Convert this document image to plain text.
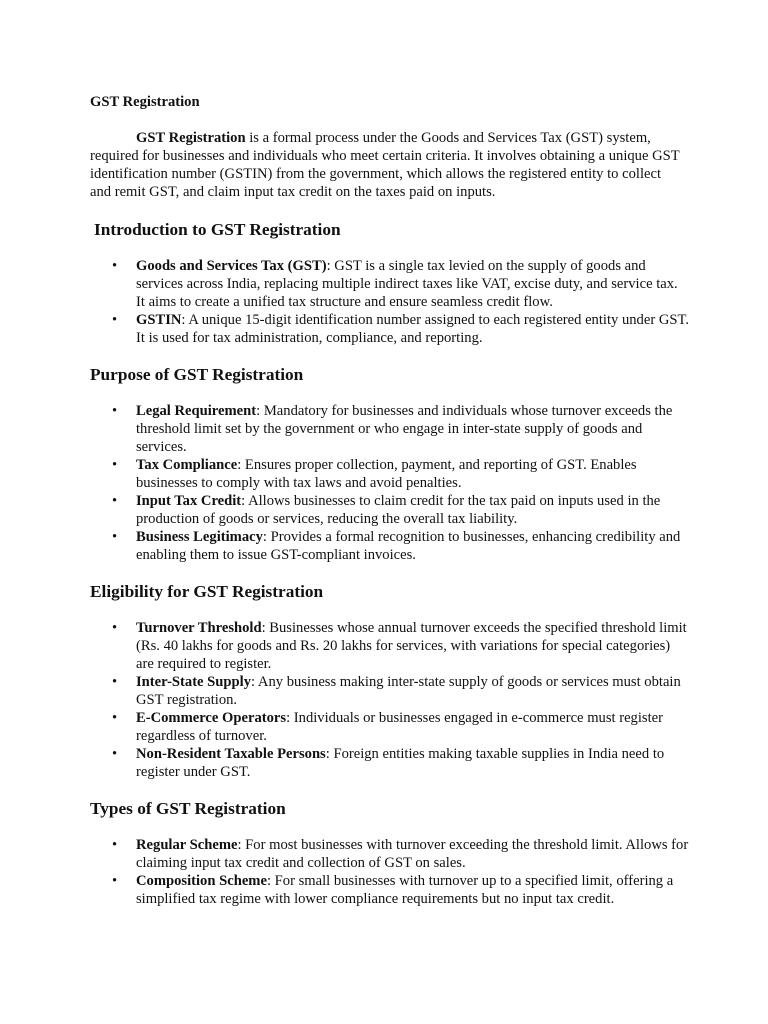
GST Registration

GST Registration is a formal process under the Goods and Services Tax (GST) system, required for businesses and individuals who meet certain criteria. It involves obtaining a unique GST identification number (GSTIN) from the government, which allows the registered entity to collect and remit GST, and claim input tax credit on the taxes paid on inputs.

Introduction to GST Registration
• Goods and Services Tax (GST): GST is a single tax levied on the supply of goods and services across India, replacing multiple indirect taxes like VAT, excise duty, and service tax. It aims to create a unified tax structure and ensure seamless credit flow.
• GSTIN: A unique 15-digit identification number assigned to each registered entity under GST. It is used for tax administration, compliance, and reporting.
Purpose of GST Registration
• Legal Requirement: Mandatory for businesses and individuals whose turnover exceeds the threshold limit set by the government or who engage in inter-state supply of goods and services.
• Tax Compliance: Ensures proper collection, payment, and reporting of GST. Enables businesses to comply with tax laws and avoid penalties.
• Input Tax Credit: Allows businesses to claim credit for the tax paid on inputs used in the production of goods or services, reducing the overall tax liability.
• Business Legitimacy: Provides a formal recognition to businesses, enhancing credibility and enabling them to issue GST-compliant invoices.
Eligibility for GST Registration
• Turnover Threshold: Businesses whose annual turnover exceeds the specified threshold limit (Rs. 40 lakhs for goods and Rs. 20 lakhs for services, with variations for special categories) are required to register.
• Inter-State Supply: Any business making inter-state supply of goods or services must obtain GST registration.
• E-Commerce Operators: Individuals or businesses engaged in e-commerce must register regardless of turnover.
• Non-Resident Taxable Persons: Foreign entities making taxable supplies in India need to register under GST.
Types of GST Registration
• Regular Scheme: For most businesses with turnover exceeding the threshold limit. Allows for claiming input tax credit and collection of GST on sales.
• Composition Scheme: For small businesses with turnover up to a specified limit, offering a simplified tax regime with lower compliance requirements but no input tax credit.
